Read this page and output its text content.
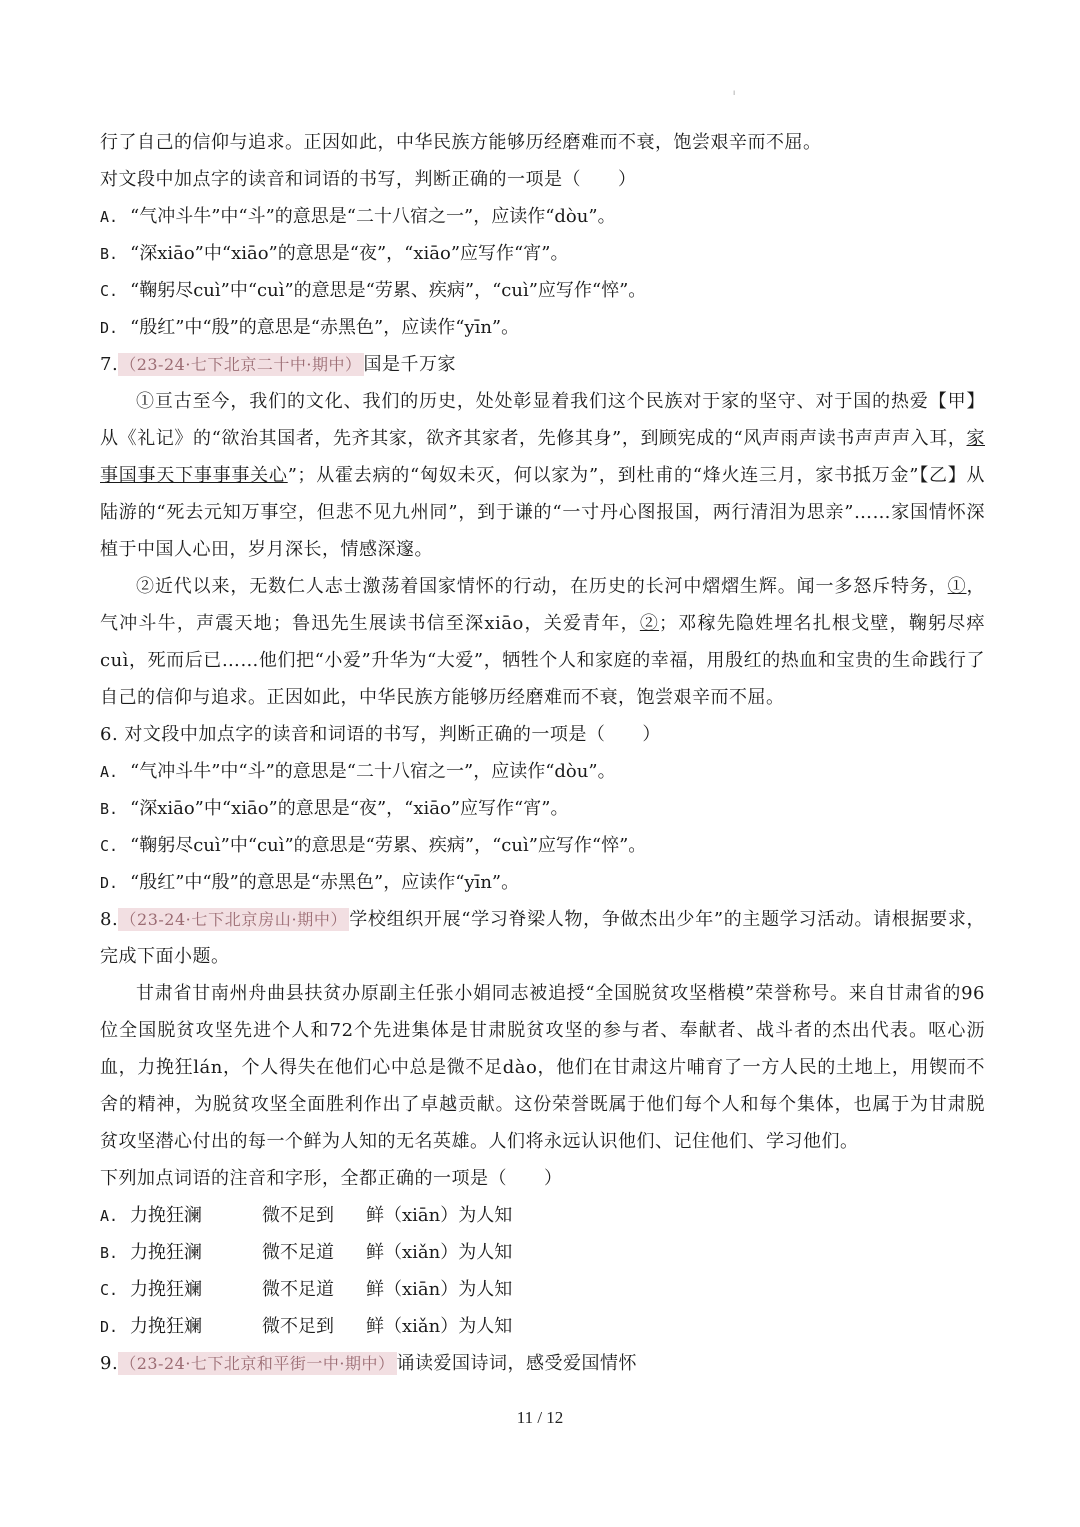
ı
行了自己的信仰与追求。正因如此，中华民族方能够历经磨难而不衰，饱尝艰辛而不屈。
对文段中加点字的读音和词语的书写，判断正确的一项是（　　）
A. “气冲斗牛”中“斗”的意思是“二十八宿之一”，应读作“dòu”。
B. “深xiāo”中“xiāo”的意思是“夜”，“xiāo”应写作“宵”。
C. “鞠躬尽cuì”中“cuì”的意思是“劳累、疾病”，“cuì”应写作“悴”。
D. “殷红”中“殷”的意思是“赤黑色”，应读作“yīn”。
7. （23-24·七下北京二十中·期中） 国是千万家
①亘古至今，我们的文化、我们的历史，处处彰显着我们这个民族对于家的坚守、对于国的热爱【甲】从《礼记》的“欲治其国者，先齐其家，欲齐其家者，先修其身”，到顾宪成的“风声雨声读书声声声入耳，家事国事天下事事事关心”；从霍去病的“匈奴未灭，何以家为”，到杜甫的“烽火连三月，家书抵万金”【乙】从陆游的“死去元知万事空，但悲不见九州同”，到于谦的“一寸丹心图报国，两行清泪为思亲”……家国情怀深植于中国人心田，岁月深长，情感深邃。
②近代以来，无数仁人志士激荡着国家情怀的行动，在历史的长河中熠熠生辉。闻一多怒斥特务，①，气冲斗牛，声震天地；鲁迅先生展读书信至深xiāo，关爱青年，②；邓稼先隐姓埋名扎根戈壁，鞠躬尽瘁cuì，死而后已……他们把“小爱”升华为“大爱”，牺牲个人和家庭的幸福，用殷红的热血和宝贵的生命践行了自己的信仰与追求。正因如此，中华民族方能够历经磨难而不衰，饱尝艰辛而不屈。
6. 对文段中加点字的读音和词语的书写，判断正确的一项是（　　）
A. “气冲斗牛”中“斗”的意思是“二十八宿之一”，应读作“dòu”。
B. “深xiāo”中“xiāo”的意思是“夜”，“xiāo”应写作“宵”。
C. “鞠躬尽cuì”中“cuì”的意思是“劳累、疾病”，“cuì”应写作“悴”。
D. “殷红”中“殷”的意思是“赤黑色”，应读作“yīn”。
8. （23-24·七下北京房山·期中） 学校组织开展“学习脊梁人物，争做杰出少年”的主题学习活动。请根据要求，完成下面小题。
甘肃省甘南州舟曲县扶贫办原副主任张小娟同志被追授“全国脱贫攻坚楷模”荣誉称号。来自甘肃省的96位全国脱贫攻坚先进个人和72个先进集体是甘肃脱贫攻坚的参与者、奉献者、战斗者的杰出代表。呕心沥血，力挽狂lán，个人得失在他们心中总是微不足dào，他们在甘肃这片哺育了一方人民的土地上，用锲而不舍的精神，为脱贫攻坚全面胜利作出了卓越贡献。这份荣誉既属于他们每个人和每个集体，也属于为甘肃脱贫攻坚潜心付出的每一个鲜为人知的无名英雄。人们将永远认识他们、记住他们、学习他们。
下列加点词语的注音和字形，全都正确的一项是（　　）
A. 力挽狂澜	微不足到 鲜（xiān）为人知
B. 力挽狂澜	微不足道 鲜（xiǎn）为人知
C. 力挽狂斓	微不足道 鲜（xiān）为人知
D. 力挽狂斓	微不足到 鲜（xiǎn）为人知
9. （23-24·七下北京和平街一中·期中） 诵读爱国诗词，感受爱国情怀
11 / 12
